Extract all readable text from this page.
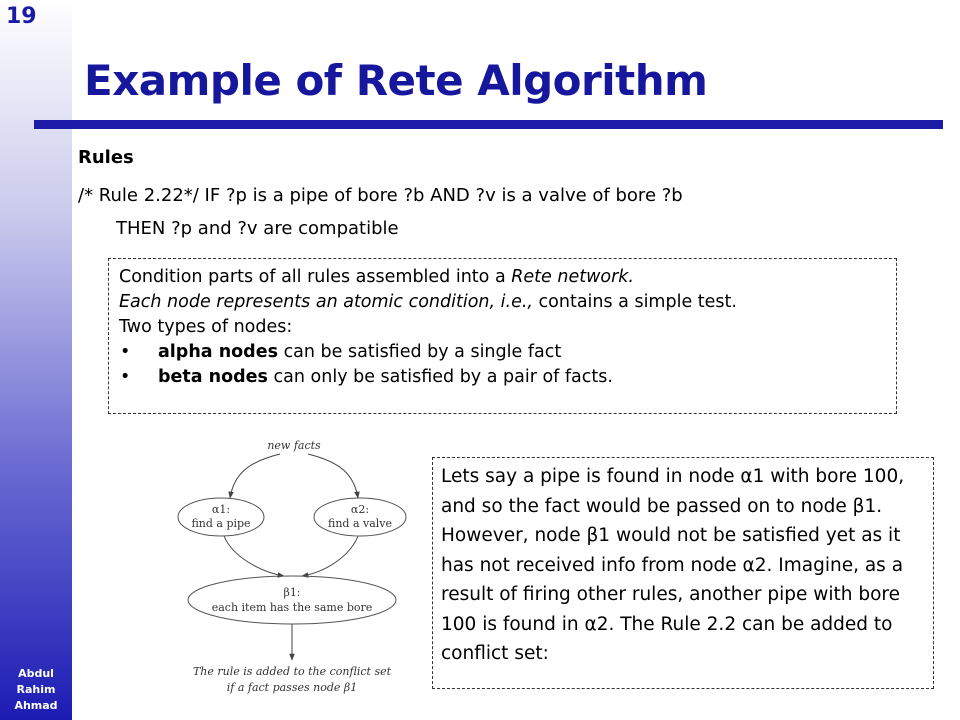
19
Abdul
Rahim
Ahmad
Example of Rete Algorithm
Rules
/* Rule 2.22*/ IF ?p is a pipe of bore ?b AND ?v is a valve of bore ?b
THEN ?p and ?v are compatible
Condition parts of all rules assembled into a Rete network.
Each node represents an atomic condition, i.e., contains a simple test.
Two types of nodes:
•	alpha nodes can be satisfied by a single fact
•	beta nodes can only be satisfied by a pair of facts.
new facts
α1:
find a pipe
α2:
find a valve
β1:
each item has the same bore
The rule is added to the conflict set
if a fact passes node β1
Lets say a pipe is found in node α1 with bore 100, and so the fact would be passed on to node β1. However, node β1 would not be satisfied yet as it has not received info from node α2. Imagine, as a result of firing other rules, another pipe with bore 100 is found in α2. The Rule 2.2 can be added to conflict set:
